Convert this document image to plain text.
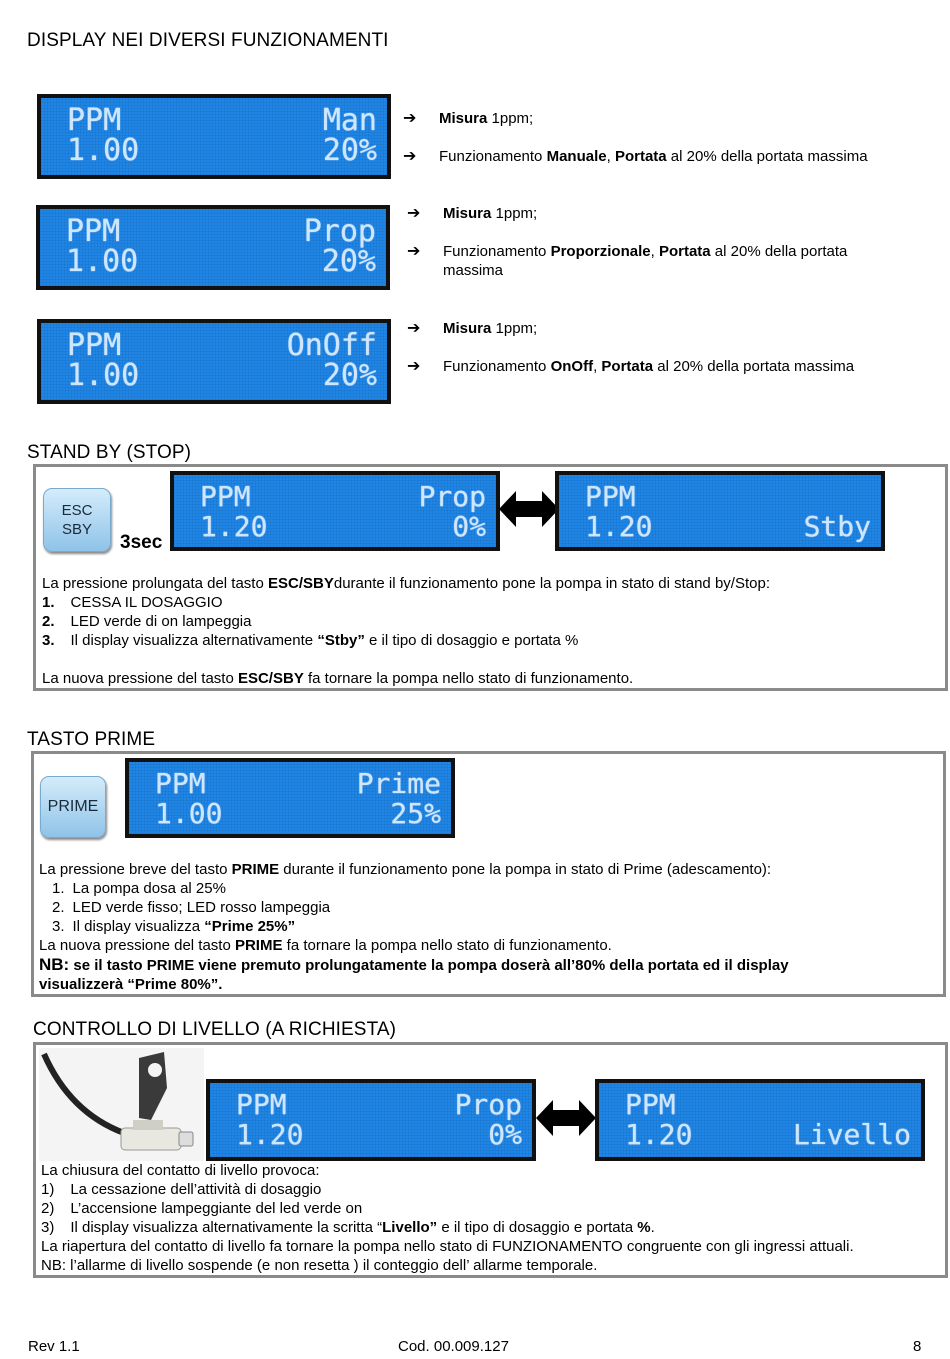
DISPLAY NEI DIVERSI FUNZIONAMENTI
PPM	Man
1.00	20%
➔	Misura 1ppm;
➔	Funzionamento Manuale, Portata al 20% della portata massima
PPM	Prop
1.00	20%
➔	Misura 1ppm;
➔	Funzionamento Proporzionale, Portata al 20% della portata
massima
PPM	OnOff
1.00	20%
➔	Misura 1ppm;
➔	Funzionamento OnOff, Portata al 20% della portata massima
STAND BY (STOP)
ESC
SBY
3sec
PPM	Prop
1.20	0%
PPM
1.20	Stby
La pressione prolungata del tasto ESC/SBYdurante il funzionamento pone la pompa in stato di stand by/Stop:
1. CESSA IL DOSAGGIO
2. LED verde di on lampeggia
3. Il display visualizza alternativamente “Stby” e il tipo di dosaggio e portata %
La nuova pressione del tasto ESC/SBY fa tornare la pompa nello stato di funzionamento.
TASTO PRIME
PRIME
PPM	Prime
1.00	25%
La pressione breve del tasto PRIME durante il funzionamento pone la pompa in stato di Prime (adescamento):
1. La pompa dosa al 25%
2. LED verde fisso; LED rosso lampeggia
3. Il display visualizza “Prime 25%”
La nuova pressione del tasto PRIME fa tornare la pompa nello stato di funzionamento.
NB: se il tasto PRIME viene premuto prolungatamente la pompa doserà all’80% della portata ed il display
visualizzerà “Prime 80%”.
CONTROLLO DI LIVELLO (A RICHIESTA)
PPM	Prop
1.20	0%
PPM
1.20	Livello
La chiusura del contatto di livello provoca:
1) La cessazione dell’attività di dosaggio
2) L’accensione lampeggiante del led verde on
3) Il display visualizza alternativamente la scritta “Livello” e il tipo di dosaggio e portata %.
La riapertura del contatto di livello fa tornare la pompa nello stato di FUNZIONAMENTO congruente con gli ingressi attuali.
NB: l’allarme di livello sospende (e non resetta ) il conteggio dell’ allarme temporale.
Rev 1.1	Cod. 00.009.127	8
